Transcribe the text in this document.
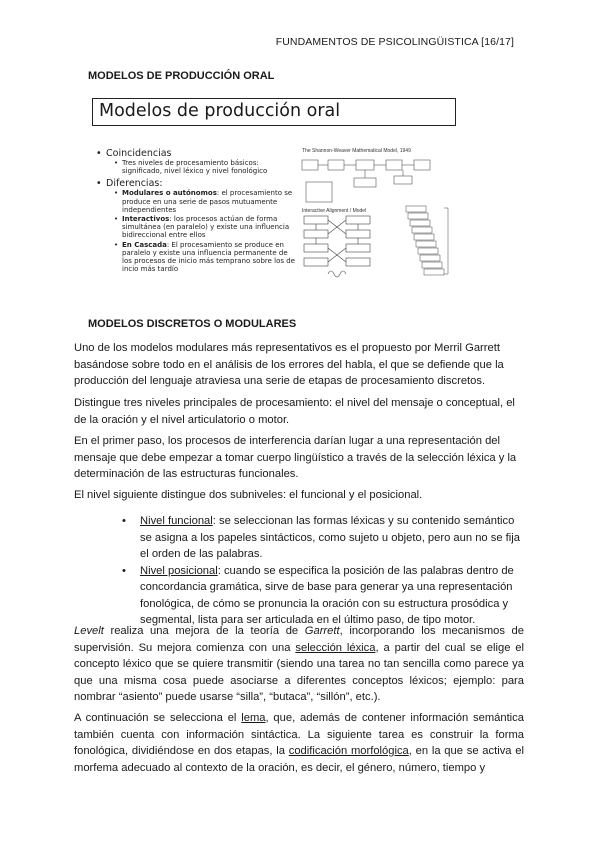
FUNDAMENTOS DE PSICOLINGÜISTICA [16/17]
MODELOS DE PRODUCCIÓN ORAL
Modelos de producción oral

• Coincidencias

• Tres niveles de procesamiento básicos: significado, nivel léxico y nivel fonológico

• Diferencias:

• Modulares o autónomos: el procesamiento se produce en una serie de pasos mutuamente independientes

• Interactivos: los procesos actúan de forma simultánea (en paralelo) y existe una influencia bidireccional entre ellos

• En Cascada: El procesamiento se produce en paralelo y existe una influencia permanente de los procesos de inicio más temprano sobre los de incio más tardío

The Shannon-Weaver Mathematical Model, 1949
Interactive Alignment / Model
MODELOS DISCRETOS O MODULARES

Uno de los modelos modulares más representativos es el propuesto por Merril Garrett basándose sobre todo en el análisis de los errores del habla, el que se defiende que la producción del lenguaje atraviesa una serie de etapas de procesamiento discretos.

Distingue tres niveles principales de procesamiento: el nivel del mensaje o conceptual, el de la oración y el nivel articulatorio o motor.

En el primer paso, los procesos de interferencia darían lugar a una representación del mensaje que debe empezar a tomar cuerpo lingüístico a través de la selección léxica y la determinación de las estructuras funcionales.

El nivel siguiente distingue dos subniveles: el funcional y el posicional.

• Nivel funcional: se seleccionan las formas léxicas y su contenido semántico se asigna a los papeles sintácticos, como sujeto u objeto, pero aun no se fija el orden de las palabras.
• Nivel posicional: cuando se especifica la posición de las palabras dentro de concordancia gramática, sirve de base para generar ya una representación fonológica, de cómo se pronuncia la oración con su estructura prosódica y segmental, lista para ser articulada en el último paso, de tipo motor.

Levelt realiza una mejora de la teoría de Garrett, incorporando los mecanismos de supervisión. Su mejora comienza con una selección léxica, a partir del cual se elige el concepto léxico que se quiere transmitir (siendo una tarea no tan sencilla como parece ya que una misma cosa puede asociarse a diferentes conceptos léxicos; ejemplo: para nombrar “asiento” puede usarse “silla”, “butaca”, “sillón”, etc.).

A continuación se selecciona el lema, que, además de contener información semántica también cuenta con información sintáctica. La siguiente tarea es construir la forma fonológica, dividiéndose en dos etapas, la codificación morfológica, en la que se activa el morfema adecuado al contexto de la oración, es decir, el género, número, tiempo y
